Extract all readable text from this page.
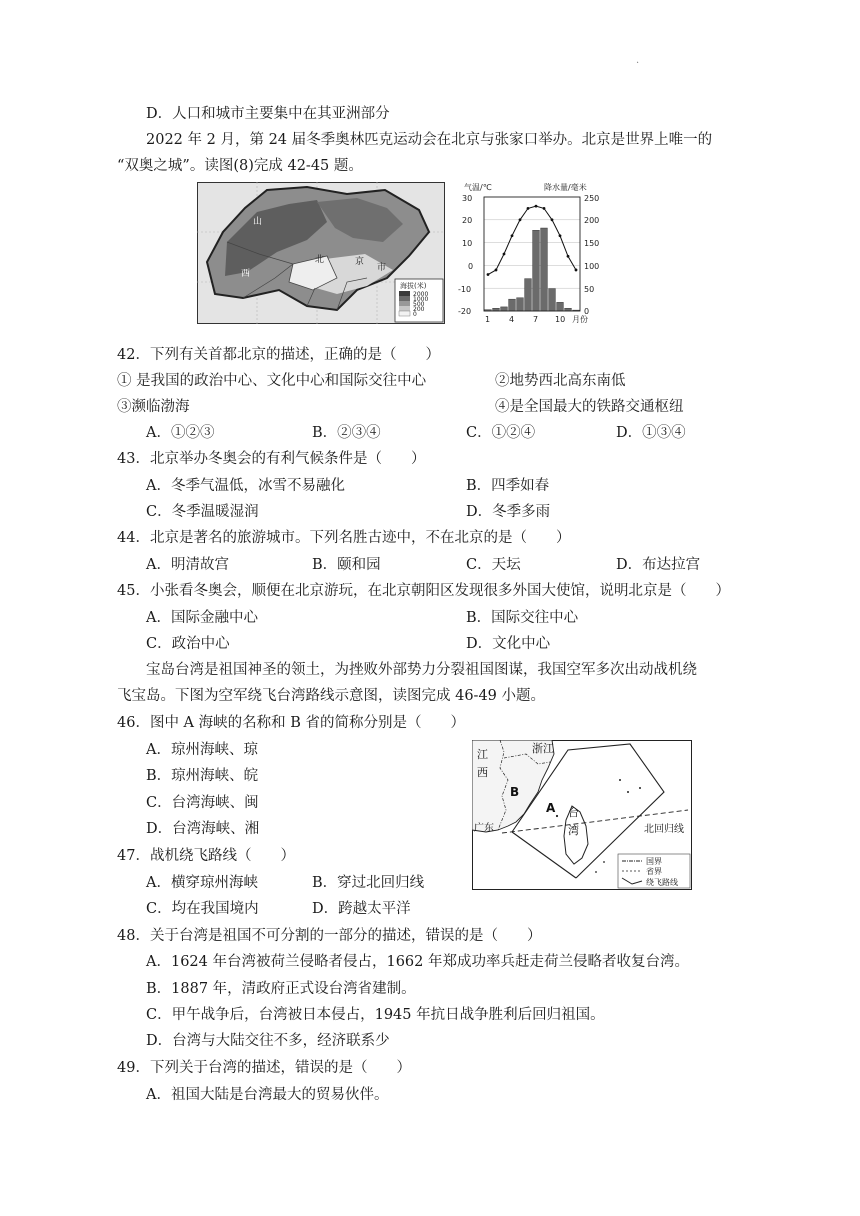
·
D．人口和城市主要集中在其亚洲部分
2022 年 2 月，第 24 届冬季奥林匹克运动会在北京与张家口举办。北京是世界上唯一的
“双奥之城”。读图(8)完成 42-45 题。
山
北	京
市
西
海拔(米)
2000
1000
500
200
0
气温/℃	降水量/毫米
30
20
10
0
-10
-20
250
200
150
100
50
0
1 4 7 10 月份
42．下列有关首都北京的描述，正确的是（　　）
① 是我国的政治中心、文化中心和国际交往中心	②地势西北高东南低
③濒临渤海	④是全国最大的铁路交通枢纽
A．①②③	B．②③④	C．①②④	D．①③④
43．北京举办冬奥会的有利气候条件是（　　）
A．冬季气温低，冰雪不易融化	B．四季如春
C．冬季温暖湿润	D．冬季多雨
44．北京是著名的旅游城市。下列名胜古迹中，不在北京的是（　　）
A．明清故宫	B．颐和园	C．天坛	D．布达拉宫
45．小张看冬奥会，顺便在北京游玩，在北京朝阳区发现很多外国大使馆，说明北京是（　　）
A．国际金融中心	B．国际交往中心
C．政治中心	D．文化中心
宝岛台湾是祖国神圣的领土，为挫败外部势力分裂祖国图谋，我国空军多次出动战机绕
飞宝岛。下图为空军绕飞台湾路线示意图，读图完成 46-49 小题。
46．图中 A 海峡的名称和 B 省的简称分别是（　　）
A．琼州海峡、琼
B．琼州海峡、皖
C．台湾海峡、闽
D．台湾海峡、湘
江
西
浙江
B
A 台
湾
广东	北回归线
国界
省界
绕飞路线
47．战机绕飞路线（　　）
A．横穿琼州海峡	B．穿过北回归线
C．均在我国境内	D．跨越太平洋
48．关于台湾是祖国不可分割的一部分的描述，错误的是（　　）
A．1624 年台湾被荷兰侵略者侵占，1662 年郑成功率兵赶走荷兰侵略者收复台湾。
B．1887 年，清政府正式设台湾省建制。
C．甲午战争后，台湾被日本侵占，1945 年抗日战争胜利后回归祖国。
D．台湾与大陆交往不多，经济联系少
49．下列关于台湾的描述，错误的是（　　）
A．祖国大陆是台湾最大的贸易伙伴。
